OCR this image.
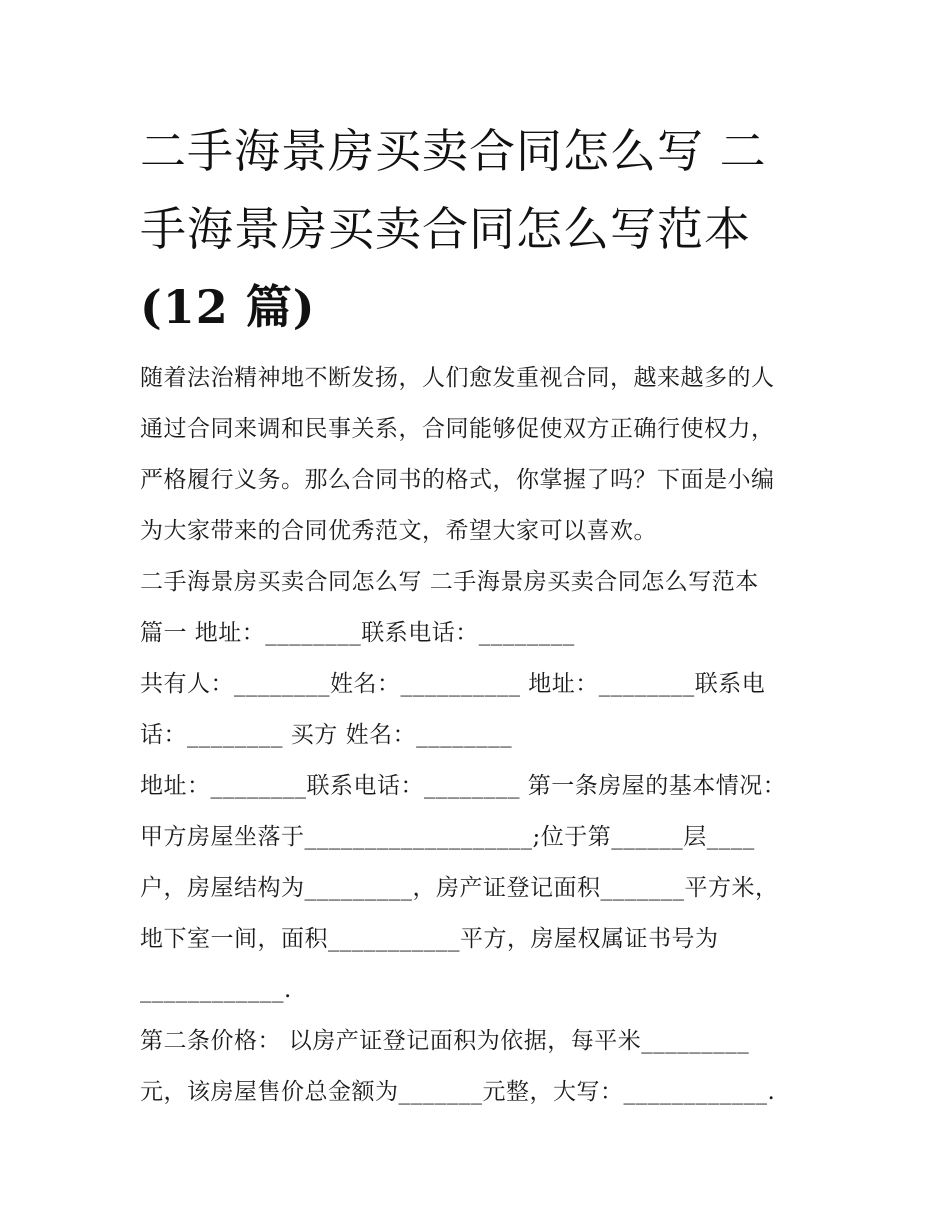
二手海景房买卖合同怎么写 二
手海景房买卖合同怎么写范本
(12 篇)
随着法治精神地不断发扬，人们愈发重视合同，越来越多的人
通过合同来调和民事关系，合同能够促使双方正确行使权力，
严格履行义务。那么合同书的格式，你掌握了吗？下面是小编
为大家带来的合同优秀范文，希望大家可以喜欢。
二手海景房买卖合同怎么写 二手海景房买卖合同怎么写范本
篇一 地址：________联系电话：________
共有人：________姓名：__________ 地址：________联系电
话：________ 买方 姓名：________
地址：________联系电话：________ 第一条房屋的基本情况：
甲方房屋坐落于___________________;位于第______层____
户，房屋结构为_________，房产证登记面积_______平方米，
地下室一间，面积___________平方，房屋权属证书号为
____________.
第二条价格： 以房产证登记面积为依据，每平米_________
元，该房屋售价总金额为_______元整，大写：____________.
